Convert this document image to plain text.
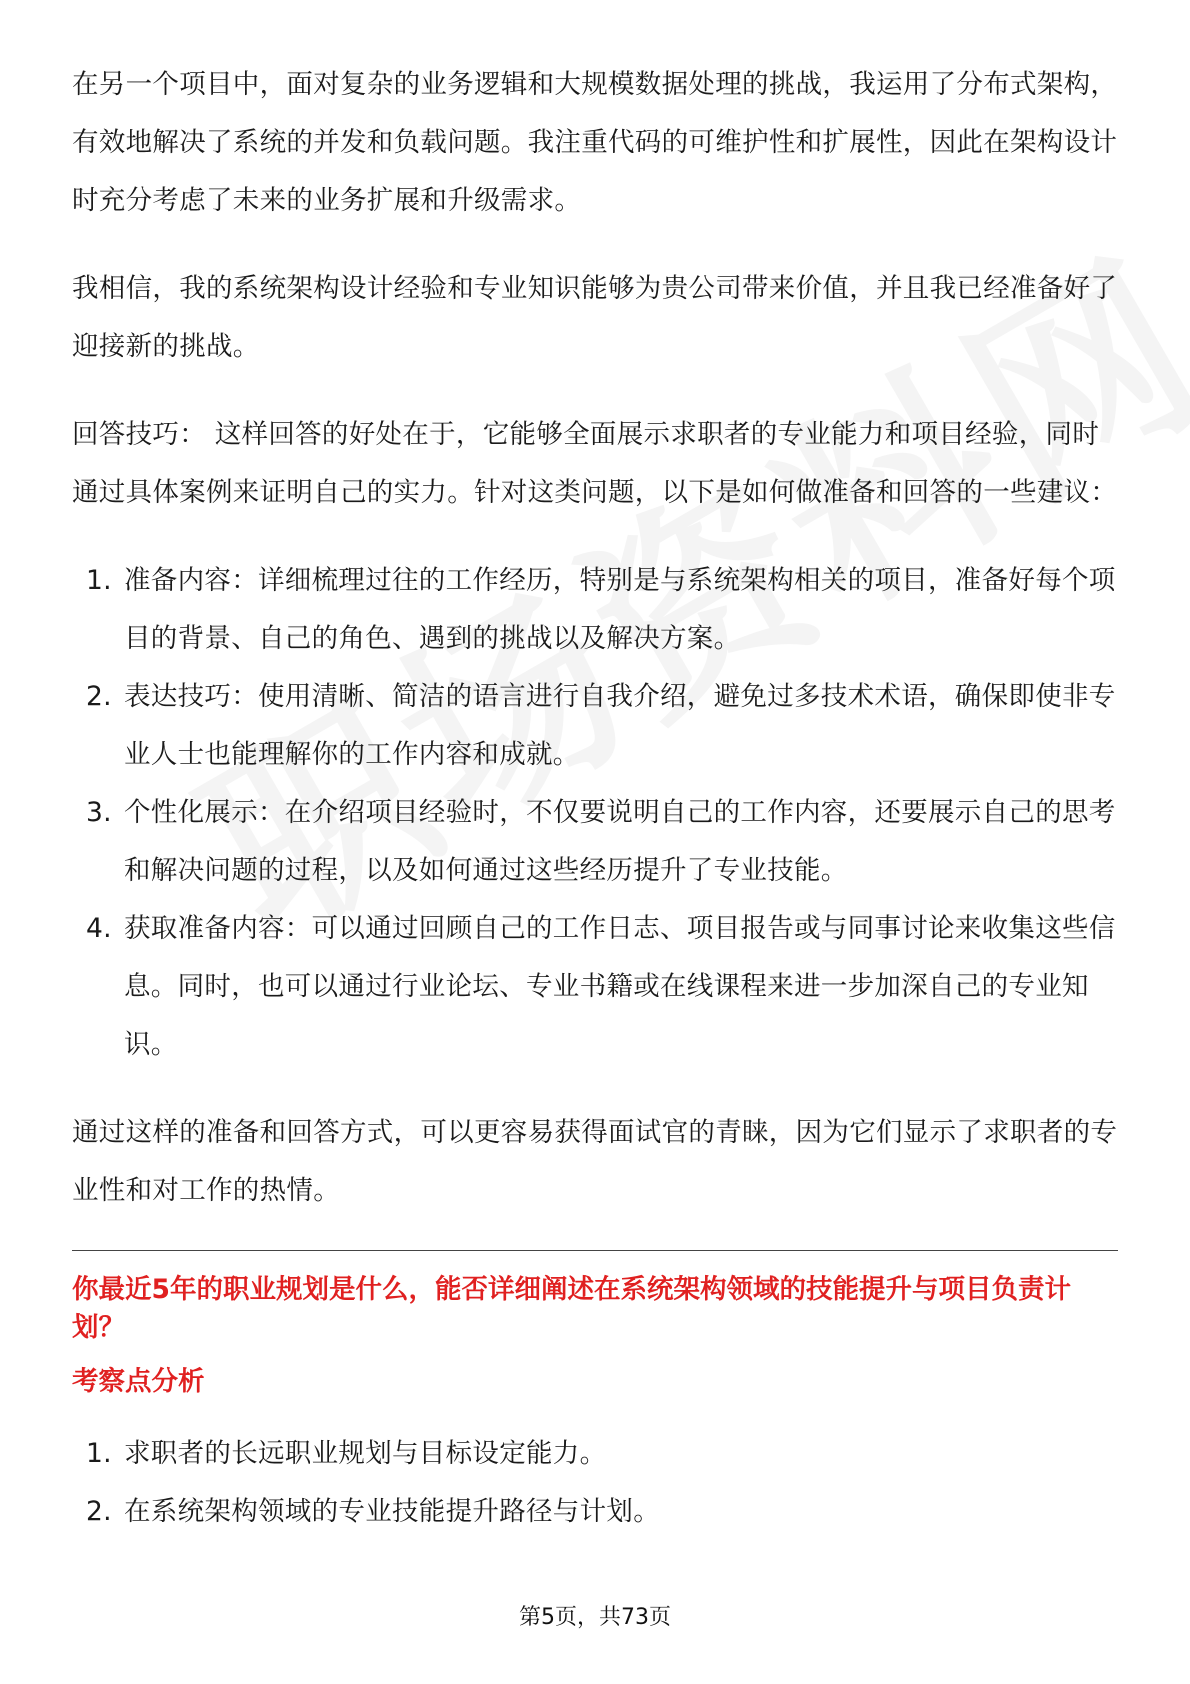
在另一个项目中，面对复杂的业务逻辑和大规模数据处理的挑战，我运用了分布式架构，有效地解决了系统的并发和负载问题。我注重代码的可维护性和扩展性，因此在架构设计时充分考虑了未来的业务扩展和升级需求。

我相信，我的系统架构设计经验和专业知识能够为贵公司带来价值，并且我已经准备好了迎接新的挑战。

回答技巧： 这样回答的好处在于，它能够全面展示求职者的专业能力和项目经验，同时通过具体案例来证明自己的实力。针对这类问题，以下是如何做准备和回答的一些建议：

1. 准备内容：详细梳理过往的工作经历，特别是与系统架构相关的项目，准备好每个项目的背景、自己的角色、遇到的挑战以及解决方案。
2. 表达技巧：使用清晰、简洁的语言进行自我介绍，避免过多技术术语，确保即使非专业人士也能理解你的工作内容和成就。
3. 个性化展示：在介绍项目经验时，不仅要说明自己的工作内容，还要展示自己的思考和解决问题的过程，以及如何通过这些经历提升了专业技能。
4. 获取准备内容：可以通过回顾自己的工作日志、项目报告或与同事讨论来收集这些信息。同时，也可以通过行业论坛、专业书籍或在线课程来进一步加深自己的专业知识。

通过这样的准备和回答方式，可以更容易获得面试官的青睐，因为它们显示了求职者的专业性和对工作的热情。

你最近5年的职业规划是什么，能否详细阐述在系统架构领域的技能提升与项目负责计划？
考察点分析
1. 求职者的长远职业规划与目标设定能力。
2. 在系统架构领域的专业技能提升路径与计划。
第5页，共73页
